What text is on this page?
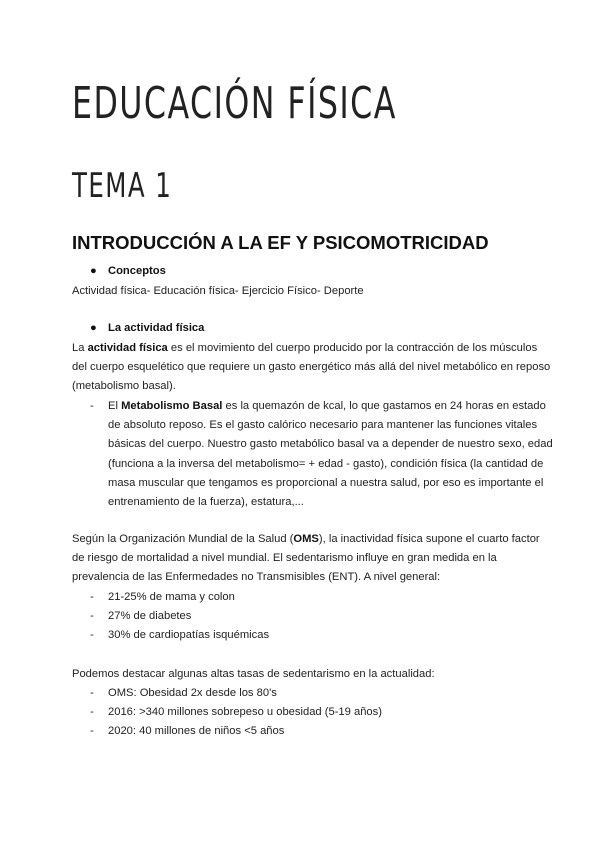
EDUCACIÓN FÍSICA
TEMA 1
INTRODUCCIÓN A LA EF Y PSICOMOTRICIDAD
● Conceptos
Actividad física- Educación física- Ejercicio Físico- Deporte
● La actividad física
La actividad física es el movimiento del cuerpo producido por la contracción de los músculos del cuerpo esquelético que requiere un gasto energético más allá del nivel metabólico en reposo (metabolismo basal).
- El Metabolismo Basal es la quemazón de kcal, lo que gastamos en 24 horas en estado de absoluto reposo. Es el gasto calórico necesario para mantener las funciones vitales básicas del cuerpo. Nuestro gasto metabólico basal va a depender de nuestro sexo, edad (funciona a la inversa del metabolismo= + edad - gasto), condición física (la cantidad de masa muscular que tengamos es proporcional a nuestra salud, por eso es importante el entrenamiento de la fuerza), estatura,...
Según la Organización Mundial de la Salud (OMS), la inactividad física supone el cuarto factor de riesgo de mortalidad a nivel mundial. El sedentarismo influye en gran medida en la prevalencia de las Enfermedades no Transmisibles (ENT). A nivel general:
- 21-25% de mama y colon
- 27% de diabetes
- 30% de cardiopatías isquémicas
Podemos destacar algunas altas tasas de sedentarismo en la actualidad:
- OMS: Obesidad 2x desde los 80's
- 2016: >340 millones sobrepeso u obesidad (5-19 años)
- 2020: 40 millones de niños <5 años
